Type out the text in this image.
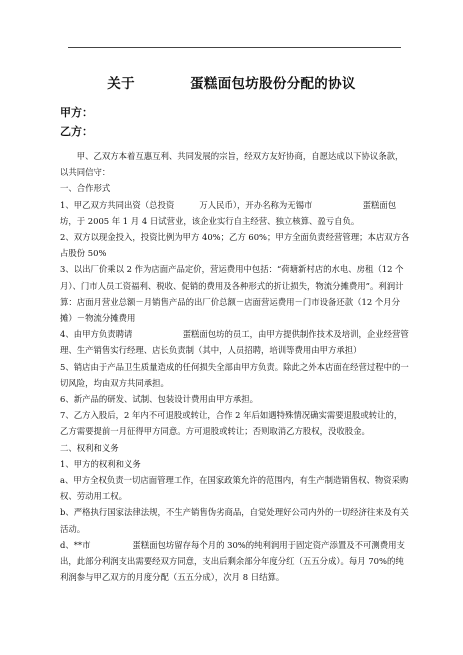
关于　　　　蛋糕面包坊股份分配的协议
甲方：
乙方：

甲、乙双方本着互惠互利、共同发展的宗旨，经双方友好协商，自愿达成以下协议条款，以共同信守：

一、合作形式

1、甲乙双方共同出资（总投资　　　万人民币），开办名称为无锡市　　　　　　蛋糕面包坊，于 2005 年 1 月 4 日试营业，该企业实行自主经营、独立核算、盈亏自负。

2、双方以现金投入，投资比例为甲方 40%；乙方 60%；甲方全面负责经营管理；本店双方各占股份 50%

3、以出厂价乘以 2 作为店面产品定价，营运费用中包括：“荷塘新村店的水电、房租（12 个月）、门市人员工资福利、税收、促销的费用及各种形式的折让损失，物流分摊费用”。利润计算：店面月营业总额－月销售产品的出厂价总额－店面营运费用－门市设备还款（12 个月分摊）－物流分摊费用

4、由甲方负责聘请　　　　　　蛋糕面包坊的员工，由甲方提供制作技术及培训，企业经营管理、生产销售实行经理、店长负责制（其中，人员招聘，培训等费用由甲方承担）

5、销店由于产品卫生质量造成的任何损失全部由甲方负责。除此之外本店面在经营过程中的一切风险，均由双方共同承担。

6、新产品的研发、试制、包装设计费用由甲方承担。

7、乙方入股后，2 年内不可退股或转让，合作 2 年后如遇特殊情况确实需要退股或转让的，乙方需要提前一月征得甲方同意。方可退股或转让；否则取消乙方股权，没收股金。

二、权利和义务

1、甲方的权利和义务

a、甲方全权负责一切店面管理工作，在国家政策允许的范围内，有生产制造销售权、物资采购权、劳动用工权。

b、严格执行国家法律法规，不生产销售伪劣商品，自觉处理好公司内外的一切经济往来及有关活动。

d、**市　　　　　蛋糕面包坊留存每个月的 30%的纯利润用于固定资产添置及不可测费用支出，此部分利润支出需要经双方同意，支出后剩余部分年度分红（五五分成）。每月 70%的纯利润参与甲乙双方的月度分配（五五分成），次月 8 日结算。
